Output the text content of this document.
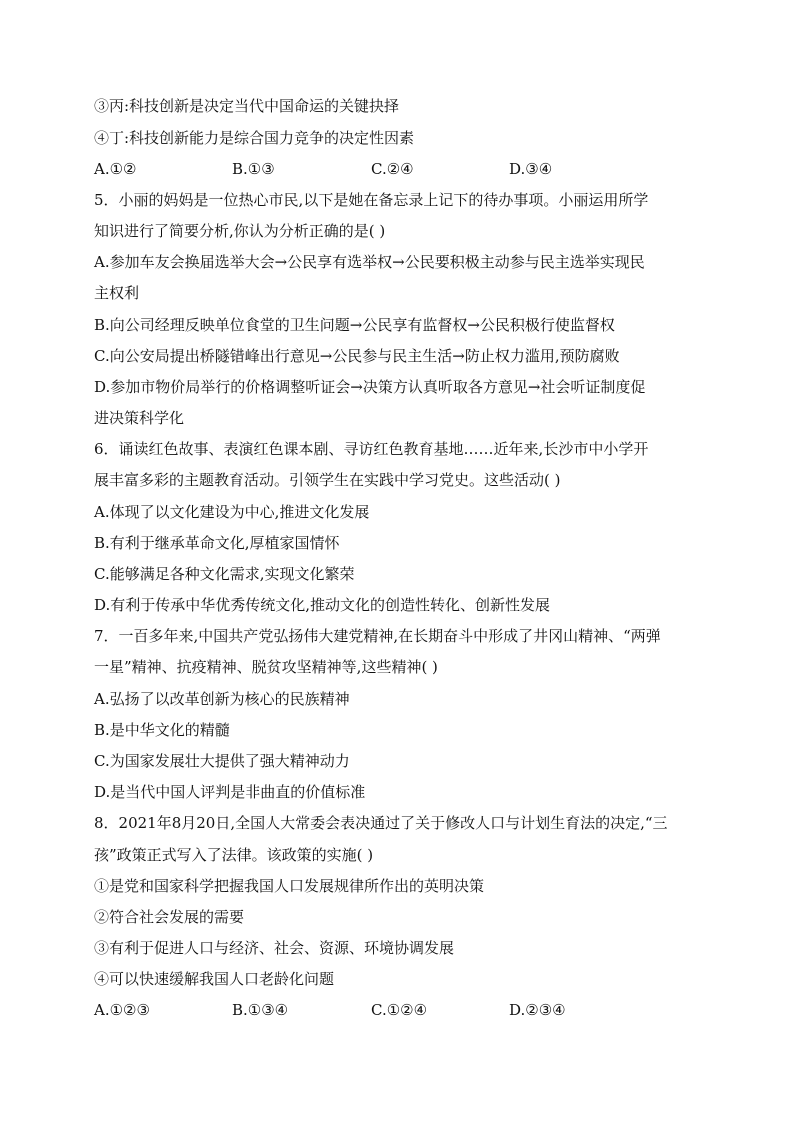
③丙:科技创新是决定当代中国命运的关键抉择
④丁:科技创新能力是综合国力竞争的决定性因素
A.①②	B.①③	C.②④	D.③④
5．小丽的妈妈是一位热心市民,以下是她在备忘录上记下的待办事项。小丽运用所学
知识进行了简要分析,你认为分析正确的是( )
A.参加车友会换届选举大会→公民享有选举权→公民要积极主动参与民主选举实现民
主权利
B.向公司经理反映单位食堂的卫生问题→公民享有监督权→公民积极行使监督权
C.向公安局提出桥隧错峰出行意见→公民参与民主生活→防止权力滥用,预防腐败
D.参加市物价局举行的价格调整听证会→决策方认真听取各方意见→社会听证制度促
进决策科学化
6．诵读红色故事、表演红色课本剧、寻访红色教育基地……近年来,长沙市中小学开
展丰富多彩的主题教育活动。引领学生在实践中学习党史。这些活动( )
A.体现了以文化建设为中心,推进文化发展
B.有利于继承革命文化,厚植家国情怀
C.能够满足各种文化需求,实现文化繁荣
D.有利于传承中华优秀传统文化,推动文化的创造性转化、创新性发展
7．一百多年来,中国共产党弘扬伟大建党精神,在长期奋斗中形成了井冈山精神、“两弹
一星”精神、抗疫精神、脱贫攻坚精神等,这些精神( )
A.弘扬了以改革创新为核心的民族精神
B.是中华文化的精髓
C.为国家发展壮大提供了强大精神动力
D.是当代中国人评判是非曲直的价值标准
8．2021年8月20日,全国人大常委会表决通过了关于修改人口与计划生育法的决定,“三
孩”政策正式写入了法律。该政策的实施( )
①是党和国家科学把握我国人口发展规律所作出的英明决策
②符合社会发展的需要
③有利于促进人口与经济、社会、资源、环境协调发展
④可以快速缓解我国人口老龄化问题
A.①②③	B.①③④	C.①②④	D.②③④
